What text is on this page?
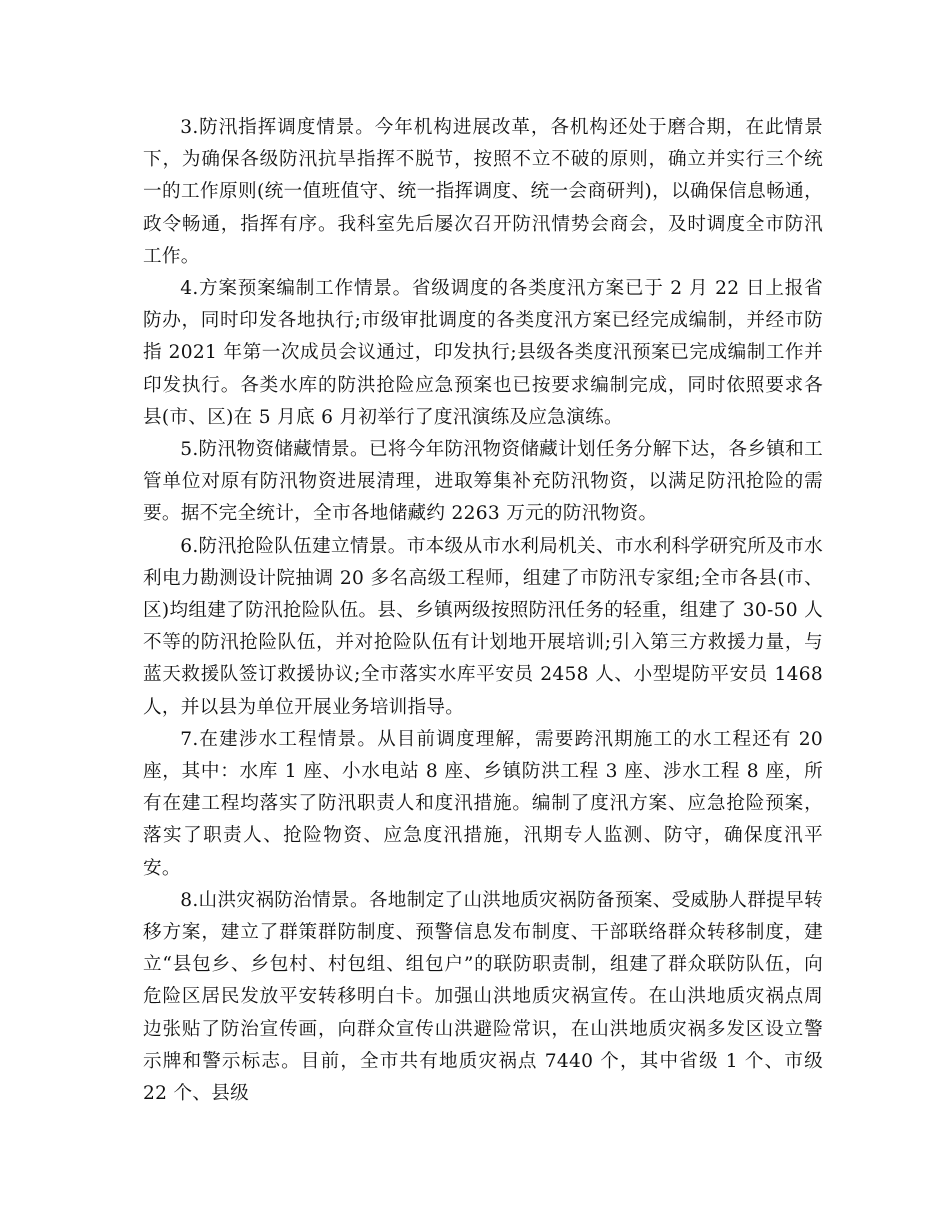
3.防汛指挥调度情景。今年机构进展改革，各机构还处于磨合期，在此情景下，为确保各级防汛抗旱指挥不脱节，按照不立不破的原则，确立并实行三个统一的工作原则(统一值班值守、统一指挥调度、统一会商研判)，以确保信息畅通，政令畅通，指挥有序。我科室先后屡次召开防汛情势会商会，及时调度全市防汛工作。

4.方案预案编制工作情景。省级调度的各类度汛方案已于 2 月 22 日上报省防办，同时印发各地执行;市级审批调度的各类度汛方案已经完成编制，并经市防指 2021 年第一次成员会议通过，印发执行;县级各类度汛预案已完成编制工作并印发执行。各类水库的防洪抢险应急预案也已按要求编制完成，同时依照要求各县(市、区)在 5 月底 6 月初举行了度汛演练及应急演练。

5.防汛物资储藏情景。已将今年防汛物资储藏计划任务分解下达，各乡镇和工管单位对原有防汛物资进展清理，进取筹集补充防汛物资，以满足防汛抢险的需要。据不完全统计，全市各地储藏约 2263 万元的防汛物资。

6.防汛抢险队伍建立情景。市本级从市水利局机关、市水利科学研究所及市水利电力勘测设计院抽调 20 多名高级工程师，组建了市防汛专家组;全市各县(市、区)均组建了防汛抢险队伍。县、乡镇两级按照防汛任务的轻重，组建了 30-50 人不等的防汛抢险队伍，并对抢险队伍有计划地开展培训;引入第三方救援力量，与蓝天救援队签订救援协议;全市落实水库平安员 2458 人、小型堤防平安员 1468 人，并以县为单位开展业务培训指导。

7.在建涉水工程情景。从目前调度理解，需要跨汛期施工的水工程还有 20 座，其中：水库 1 座、小水电站 8 座、乡镇防洪工程 3 座、涉水工程 8 座，所有在建工程均落实了防汛职责人和度汛措施。编制了度汛方案、应急抢险预案，落实了职责人、抢险物资、应急度汛措施，汛期专人监测、防守，确保度汛平安。

8.山洪灾祸防治情景。各地制定了山洪地质灾祸防备预案、受威胁人群提早转移方案，建立了群策群防制度、预警信息发布制度、干部联络群众转移制度，建立“县包乡、乡包村、村包组、组包户”的联防职责制，组建了群众联防队伍，向危险区居民发放平安转移明白卡。加强山洪地质灾祸宣传。在山洪地质灾祸点周边张贴了防治宣传画，向群众宣传山洪避险常识，在山洪地质灾祸多发区设立警示牌和警示标志。目前，全市共有地质灾祸点 7440 个，其中省级 1 个、市级 22 个、县级
